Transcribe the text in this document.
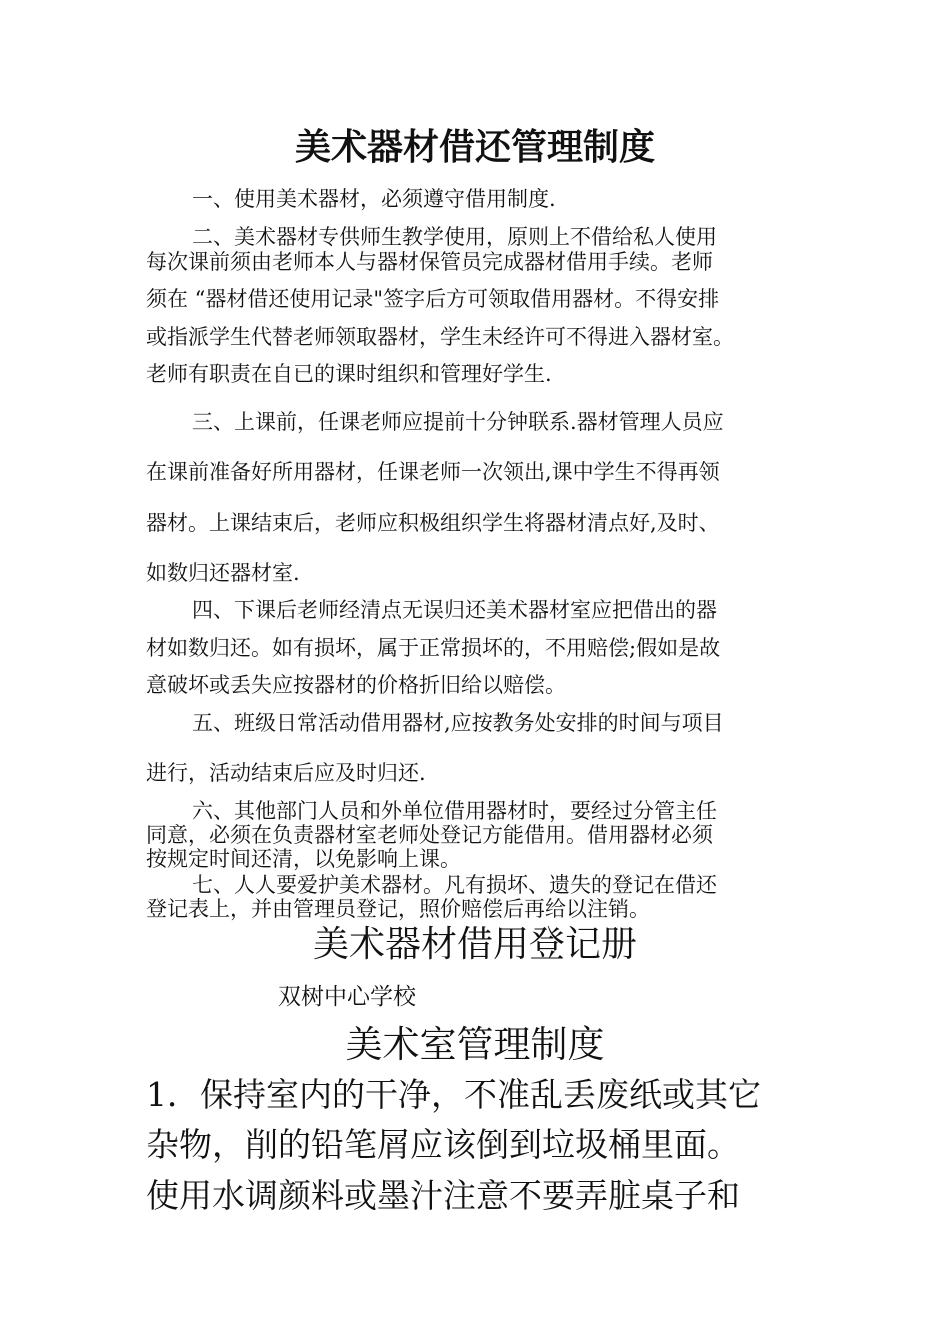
美术器材借还管理制度
一、使用美术器材，必须遵守借用制度.
二、美术器材专供师生教学使用，原则上不借给私人使用
每次课前须由老师本人与器材保管员完成器材借用手续。老师
须在 “器材借还使用记录"签字后方可领取借用器材。不得安排
或指派学生代替老师领取器材，学生未经许可不得进入器材室。
老师有职责在自已的课时组织和管理好学生.
三、上课前，任课老师应提前十分钟联系.器材管理人员应
在课前准备好所用器材，任课老师一次领出,课中学生不得再领
器材。上课结束后，老师应积极组织学生将器材清点好,及时、
如数归还器材室.
四、下课后老师经清点无误归还美术器材室应把借出的器
材如数归还。如有损坏，属于正常损坏的，不用赔偿;假如是故
意破坏或丢失应按器材的价格折旧给以赔偿。
五、班级日常活动借用器材,应按教务处安排的时间与项目
进行，活动结束后应及时归还.
六、其他部门人员和外单位借用器材时，要经过分管主任
同意，必须在负责器材室老师处登记方能借用。借用器材必须
按规定时间还清，以免影响上课。
七、人人要爱护美术器材。凡有损坏、遗失的登记在借还
登记表上，并由管理员登记，照价赔偿后再给以注销。
美术器材借用登记册
双树中心学校
美术室管理制度
1．保持室内的干净，不准乱丢废纸或其它
杂物，削的铅笔屑应该倒到垃圾桶里面。
使用水调颜料或墨汁注意不要弄脏桌子和
